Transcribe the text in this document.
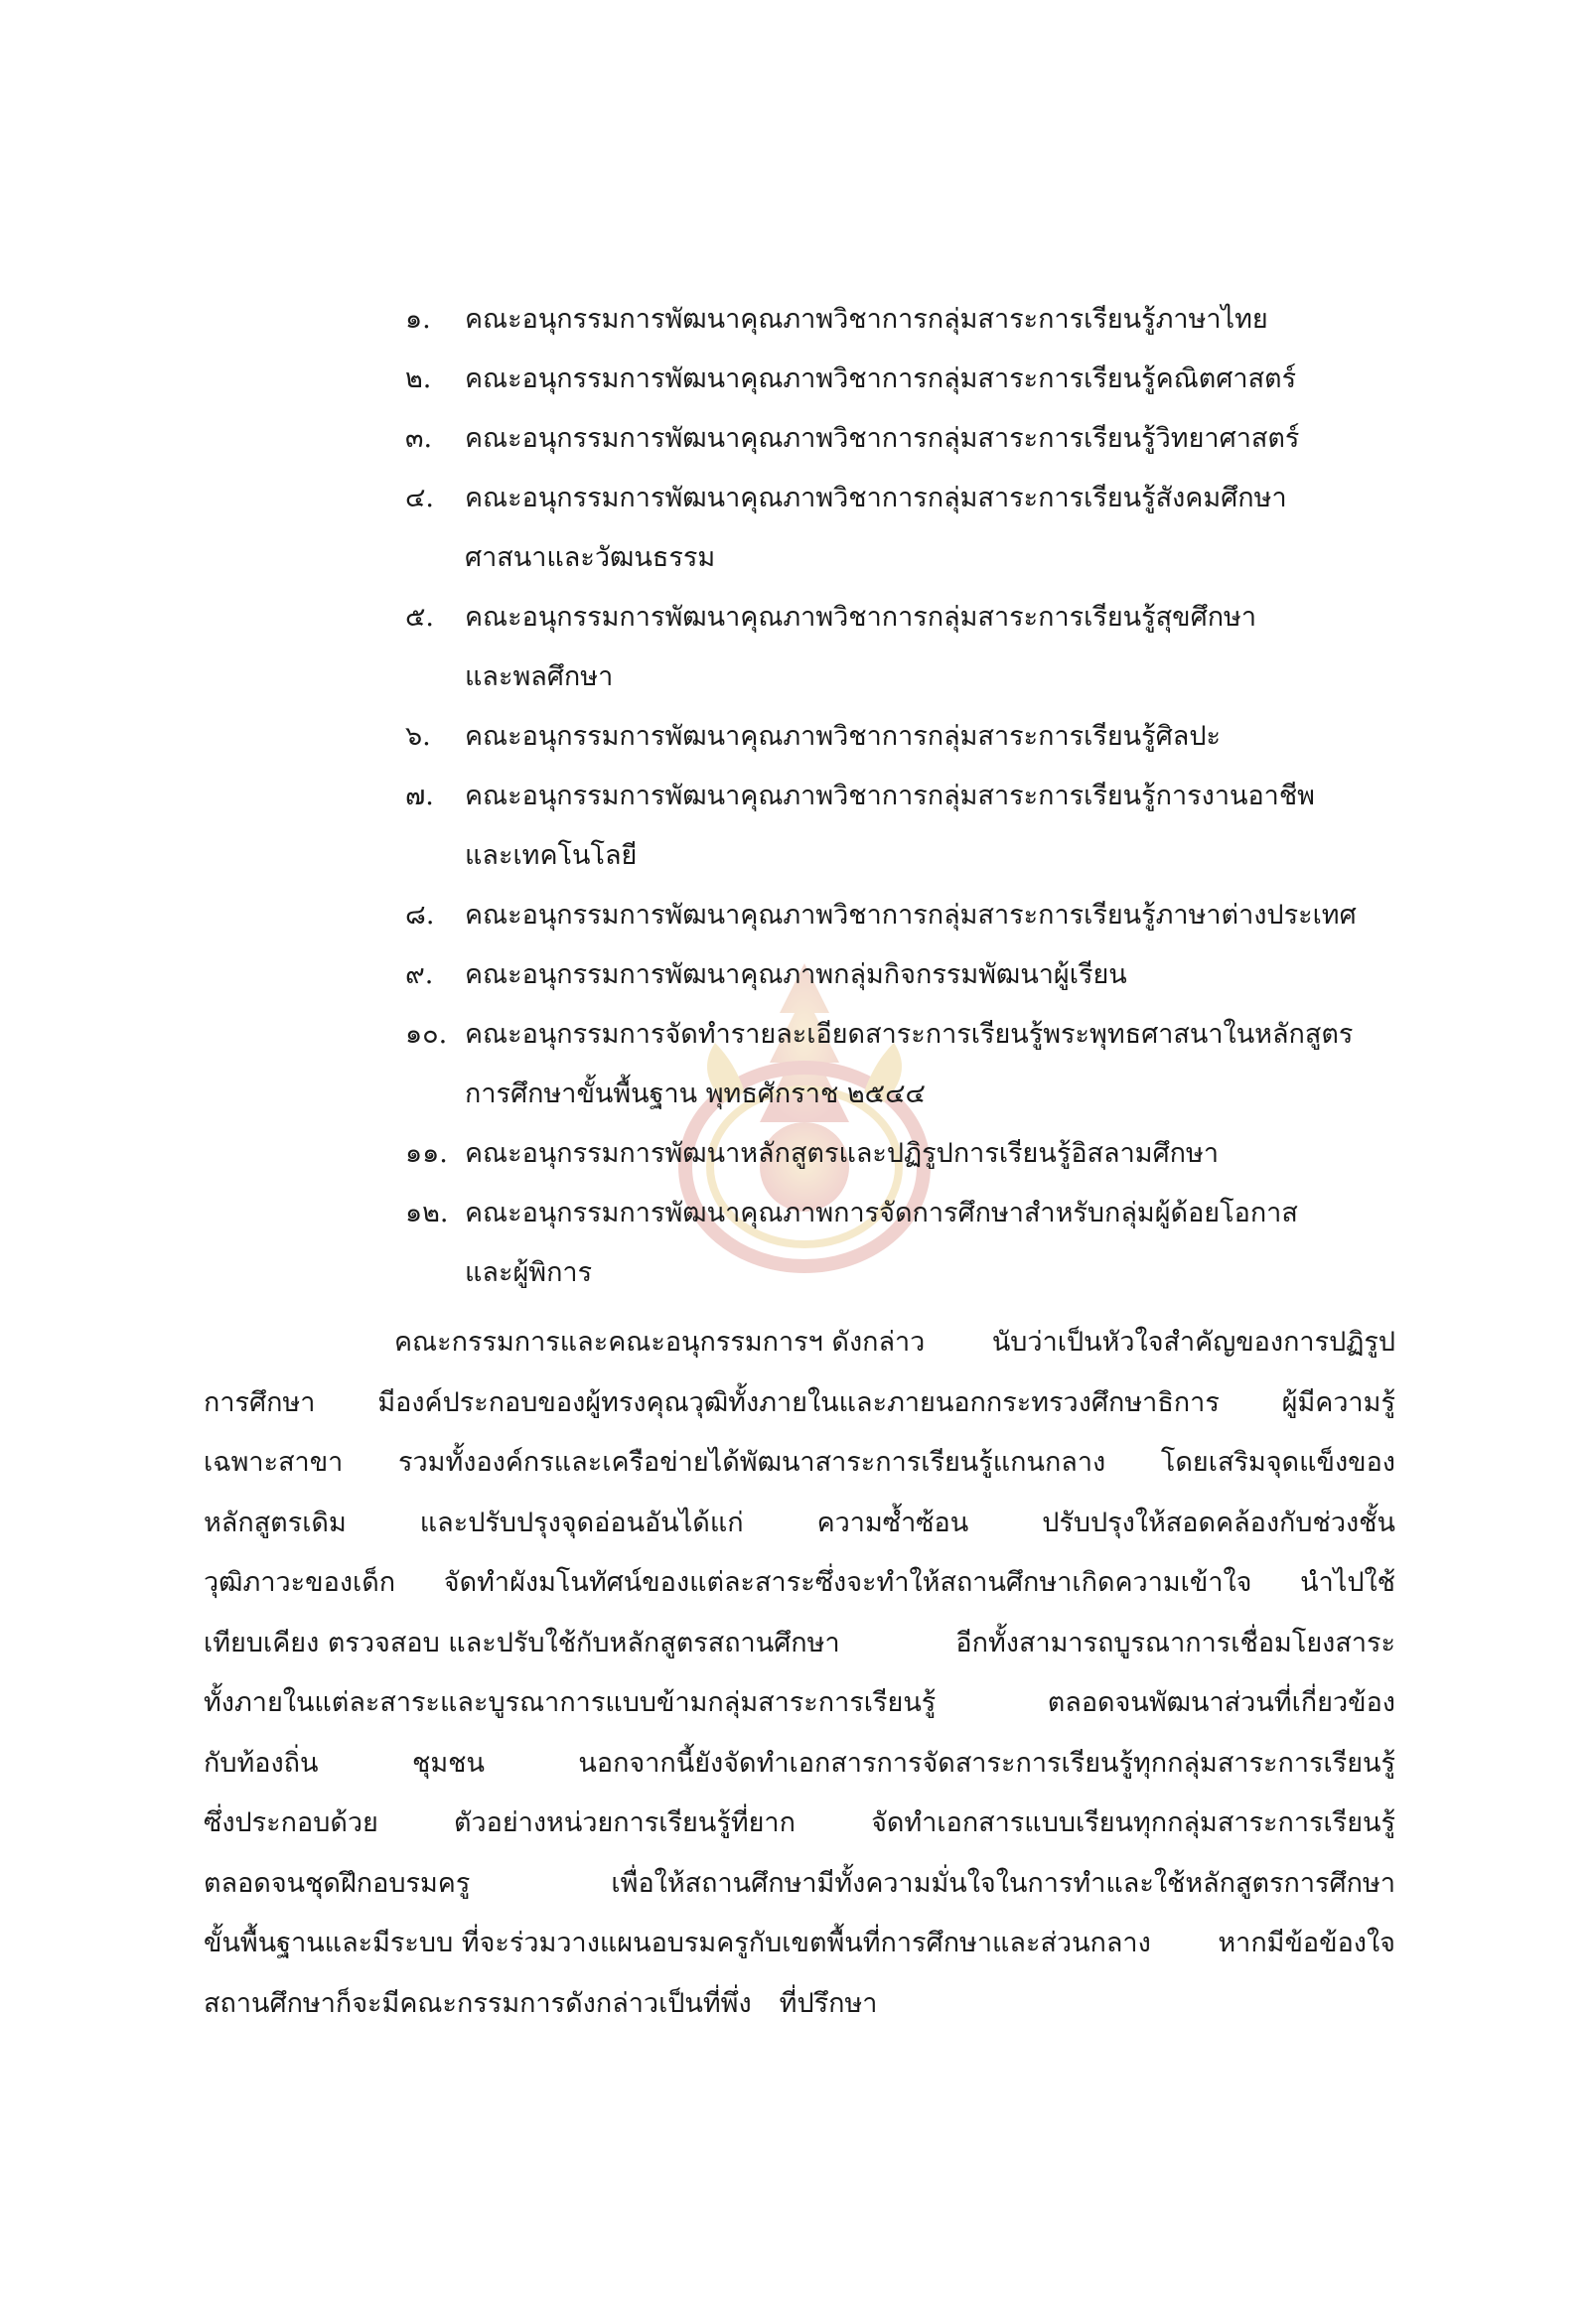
๑.	คณะอนุกรรมการพัฒนาคุณภาพวิชาการกลุ่มสาระการเรียนรู้ภาษาไทย
๒.	คณะอนุกรรมการพัฒนาคุณภาพวิชาการกลุ่มสาระการเรียนรู้คณิตศาสตร์
๓.	คณะอนุกรรมการพัฒนาคุณภาพวิชาการกลุ่มสาระการเรียนรู้วิทยาศาสตร์
๔.	คณะอนุกรรมการพัฒนาคุณภาพวิชาการกลุ่มสาระการเรียนรู้สังคมศึกษา
ศาสนาและวัฒนธรรม
๕.	คณะอนุกรรมการพัฒนาคุณภาพวิชาการกลุ่มสาระการเรียนรู้สุขศึกษา
และพลศึกษา
๖.	คณะอนุกรรมการพัฒนาคุณภาพวิชาการกลุ่มสาระการเรียนรู้ศิลปะ
๗.	คณะอนุกรรมการพัฒนาคุณภาพวิชาการกลุ่มสาระการเรียนรู้การงานอาชีพ
และเทคโนโลยี
๘.	คณะอนุกรรมการพัฒนาคุณภาพวิชาการกลุ่มสาระการเรียนรู้ภาษาต่างประเทศ
๙.	คณะอนุกรรมการพัฒนาคุณภาพกลุ่มกิจกรรมพัฒนาผู้เรียน
๑๐. คณะอนุกรรมการจัดทำรายละเอียดสาระการเรียนรู้พระพุทธศาสนาในหลักสูตร
การศึกษาขั้นพื้นฐาน พุทธศักราช ๒๕๔๔
๑๑. คณะอนุกรรมการพัฒนาหลักสูตรและปฏิรูปการเรียนรู้อิสลามศึกษา
๑๒. คณะอนุกรรมการพัฒนาคุณภาพการจัดการศึกษาสำหรับกลุ่มผู้ด้อยโอกาส
และผู้พิการ
คณะกรรมการและคณะอนุกรรมการฯ ดังกล่าว นับว่าเป็นหัวใจสำคัญของการปฏิรูป
การศึกษา มีองค์ประกอบของผู้ทรงคุณวุฒิทั้งภายในและภายนอกกระทรวงศึกษาธิการ ผู้มีความรู้
เฉพาะสาขา รวมทั้งองค์กรและเครือข่ายได้พัฒนาสาระการเรียนรู้แกนกลาง โดยเสริมจุดแข็งของ
หลักสูตรเดิม	และปรับปรุงจุดอ่อนอันได้แก่	ความซ้ำซ้อน	ปรับปรุงให้สอดคล้องกับช่วงชั้น
วุฒิภาวะของเด็ก จัดทำผังมโนทัศน์ของแต่ละสาระซึ่งจะทำให้สถานศึกษาเกิดความเข้าใจ นำไปใช้
เทียบเคียง ตรวจสอบ และปรับใช้กับหลักสูตรสถานศึกษา	อีกทั้งสามารถบูรณาการเชื่อมโยงสาระ
ทั้งภายในแต่ละสาระและบูรณาการแบบข้ามกลุ่มสาระการเรียนรู้	ตลอดจนพัฒนาส่วนที่เกี่ยวข้อง
กับท้องถิ่น	ชุมชน	นอกจากนี้ยังจัดทำเอกสารการจัดสาระการเรียนรู้ทุกกลุ่มสาระการเรียนรู้
ซึ่งประกอบด้วย	ตัวอย่างหน่วยการเรียนรู้ที่ยาก	จัดทำเอกสารแบบเรียนทุกกลุ่มสาระการเรียนรู้
ตลอดจนชุดฝึกอบรมครู	เพื่อให้สถานศึกษามีทั้งความมั่นใจในการทำและใช้หลักสูตรการศึกษา
ขั้นพื้นฐานและมีระบบ ที่จะร่วมวางแผนอบรมครูกับเขตพื้นที่การศึกษาและส่วนกลาง	หากมีข้อข้องใจ
สถานศึกษาก็จะมีคณะกรรมการดังกล่าวเป็นที่พึ่ง ที่ปรึกษา
